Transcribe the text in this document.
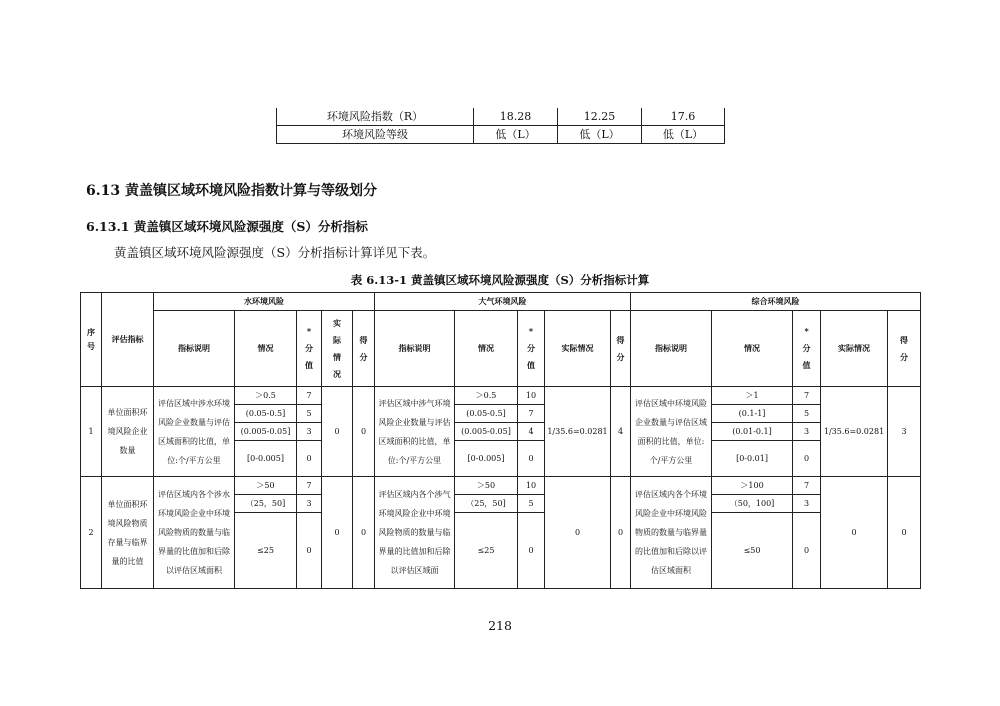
环境风险指数（R）	18.28	12.25	17.6
环境风险等级	低（L）	低（L）	低（L）
6.13 黄盖镇区域环境风险指数计算与等级划分
6.13.1 黄盖镇区域环境风险源强度（S）分析指标

黄盖镇区域环境风险源强度（S）分析指标计算详见下表。

表 6.13-1 黄盖镇区域环境风险源强度（S）分析指标计算

序号	评估指标	水环境风险					大气环境风险					综合环境风险				
		指标说明	情况	*分值	实际情况	得分	指标说明	情况	*分值	实际情况	得分	指标说明	情况	*分值	实际情况	得分
1	单位面积环境风险企业数量	评估区域中涉水环境风险企业数量与评估区域面积的比值，单位:个/平方公里	＞0.5	7	0	0	评估区域中涉气环境风险企业数量与评估区域面积的比值，单位:个/平方公里	＞0.5	10	1/35.6=0.0281	4	评估区域中环境风险企业数量与评估区域面积的比值，单位:个/平方公里	＞1	7	1/35.6=0.0281	3
			(0.05-0.5]	5				(0.05-0.5]	7				(0.1-1]	5		
			(0.005-0.05]	3				(0.005-0.05]	4				(0.01-0.1]	3		
			[0-0.005]	0				[0-0.005]	0				[0-0.01]	0		
2	单位面积环境风险物质存量与临界量的比值	评估区域内各个涉水环境风险企业中环境风险物质的数量与临界量的比值加和后除以评估区域面积	＞50	7	0	0	评估区域内各个涉气环境风险企业中环境风险物质的数量与临界量的比值加和后除以评估区域面	＞50	10	0	0	评估区域内各个环境风险企业中环境风险物质的数量与临界量的比值加和后除以评估区域面积	＞100	7	0	0
			（25，50]	3				（25，50]	5				（50，100]	3		
			≤25	0				≤25	0				≤50	0		

218
